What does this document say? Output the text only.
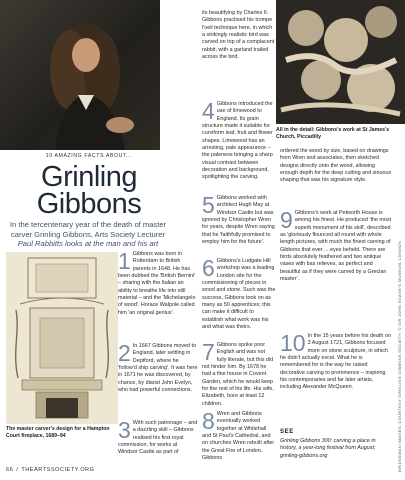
10 AMAZING FACTS ABOUT...
Grinling
Gibbons
In the tercentenary year of the death of master
carver Grinling Gibbons, Arts Society Lecturer
Paul Rabbitts looks at the man and his art
The master carver's design for a Hampton Court fireplace, 1689–94
All in the detail: Gibbons's work at St James's Church, Piccadilly
1 Gibbons was born in Rotterdam to British parents in 1648. He has been dubbed the 'British Bernini' – sharing with the Italian an ability to breathe life into still material – and the 'Michelangelo of wood'. Horace Walpole called him 'an original genius'.
2 In 1667 Gibbons moved to England, later settling in Deptford, where he 'follow'd ship carving'. It was here in 1671 he was discovered, by chance, by diarist John Evelyn, who had powerful connections.
3 With such patronage – and a dazzling skill – Gibbons realised his first royal commission, for works at Windsor Castle as part of
its beautifying by Charles II. Gibbons practised his trompe l'oeil technique here, in which a strikingly realistic bird was carved on top of a complacent rabbit, with a garland trailed across the bird.
4 Gibbons introduced the use of limewood to England. Its grain structure made it suitable for curviform leaf, fruit and flower shapes. Limewood has an arresting, pale appearance – the paleness bringing a sharp visual contrast between decoration and background, spotlighting the carving.
5 Gibbons worked with architect Hugh May at Windsor Castle but was ignored by Christopher Wren for years, despite Wren saying that he 'faithfully promised to employ him for the future'.
6 Gibbons's Ludgate Hill workshop was a leading London site for the commissioning of pieces in wood and stone. Such was the success, Gibbons took on as many as 50 apprentices; this can make it difficult to establish what work was his and what was theirs.
7 Gibbons spoke poor English and was not fully literate, but this did not hinder him. By 1678 he had a fine house in Covent Garden, which he would keep for the rest of his life. His wife, Elizabeth, bore at least 12 children.
8 Wren and Gibbons eventually worked together at Whitehall and St Paul's Cathedral, and on churches Wren rebuilt after the Great Fire of London. Gibbons
ordered the wood by size, based on drawings from Wren and associates, then sketched designs directly onto the wood, allowing enough depth for the deep cutting and sinuous shaping that was his signature style.
9 Gibbons's work at Petworth House is among his finest. He produced 'the most superb monument of his skill', described as 'gloriously flounced all round with whole length pictures, with much the finest carving of Gibbons that ever ... eyes beheld. There are birds absolutely feathered and two antique vases with bas relieves, as perfect and beautiful as if they were carved by a Grecian master'.
10 In the 15 years before his death on 3 August 1721, Gibbons focused more on stone sculpture, in which he didn't actually excel. What he is remembered for is the way he raised decorative carving to prominence – inspiring his contemporaries and far later artists, including Alexander McQueen.
SEE
Grinling Gibbons 300: carving a place in history, a year-long festival from August; grinling-gibbons.org
66 / THEARTSSOCIETY.ORG	BRIDGEMAN IMAGES; COURTESY GRINLING GIBBONS SOCIETY; © SIR JOHN SOANE'S MUSEUM, LONDON
